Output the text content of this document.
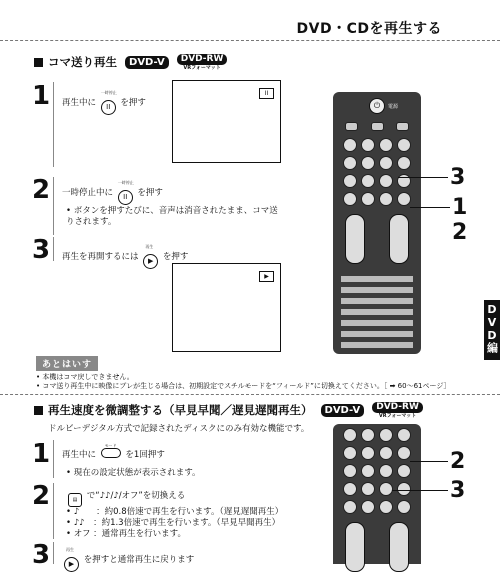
DVD・CDを再生する
コマ送り再生 DVD-V	DVD-RW
VRフォーマット
1 再生中に
一時停止
II を押す
II
2 一時停止中に
一時停止
II を押す
• ボタンを押すたびに、音声は消音されたまま、コマ送りされます。
3 再生を再開するには
再生
▶ を押す
▶
⏻	電源
3
1
2
DVD編
あとはいす
• 本機はコマ戻しできません。
• コマ送り再生中に映像にブレが生じる場合は、初期設定でスチルモードを“フィールド”に切換えてください。［ ➡ 60〜61ページ］
再生速度を微調整する（早見早聞／遅見遅聞再生） DVD-V	DVD-RW
VRフォーマット
ドルビーデジタル方式で記録されたディスクにのみ有効な機能です。
1 再生中に
モード
を1回押す
• 現在の設定状態が表示されます。
2	▤ で“♪♪/♪/オフ”を切換える
• ♪　　：約0.8倍速で再生を行います。（遅見遅聞再生）
• ♪♪　：約1.3倍速で再生を行います。（早見早聞再生）
• オフ ：通常再生を行います。
3	再生
▶ を押すと通常再生に戻ります
2
3
